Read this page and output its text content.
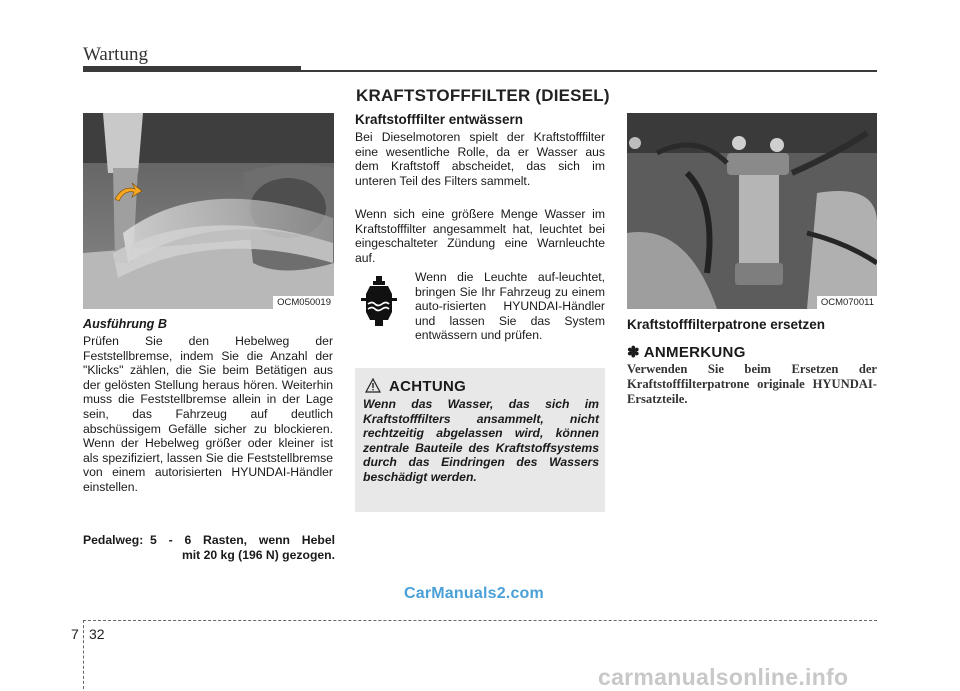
Wartung
KRAFTSTOFFFILTER (DIESEL)
OCM050019
Ausführung B
Prüfen Sie den Hebelweg der Feststellbremse, indem Sie die Anzahl der "Klicks" zählen, die Sie beim Betätigen aus der gelösten Stellung heraus hören. Weiterhin muss die Feststellbremse allein in der Lage sein, das Fahrzeug auf deutlich abschüssigem Gefälle sicher zu blockieren. Wenn der Hebelweg größer oder kleiner ist als spezifiziert, lassen Sie die Feststellbremse von einem autorisierten HYUNDAI-Händler einstellen.
Pedalweg: 5 - 6 Rasten, wenn Hebel
mit 20 kg (196 N) gezogen.
Kraftstofffilter entwässern
Bei Dieselmotoren spielt der Kraftstofffilter eine wesentliche Rolle, da er Wasser aus dem Kraftstoff abscheidet, das sich im unteren Teil des Filters sammelt.
Wenn sich eine größere Menge Wasser im Kraftstofffilter angesammelt hat, leuchtet bei eingeschalteter Zündung eine Warnleuchte auf.
Wenn die Leuchte auf-leuchtet, bringen Sie Ihr Fahrzeug zu einem auto-risierten HYUNDAI-Händler und lassen Sie das System entwässern und prüfen.
ACHTUNG
Wenn das Wasser, das sich im Kraftstofffilters ansammelt, nicht rechtzeitig abgelassen wird, können zentrale Bauteile des Kraftstoffsystems durch das Eindringen des Wassers beschädigt werden.
OCM070011
Kraftstofffilterpatrone ersetzen
✽ ANMERKUNG
Verwenden Sie beim Ersetzen der Kraftstofffilterpatrone originale HYUNDAI-Ersatzteile.
7 32
CarManuals2.com
carmanualsonline.info
